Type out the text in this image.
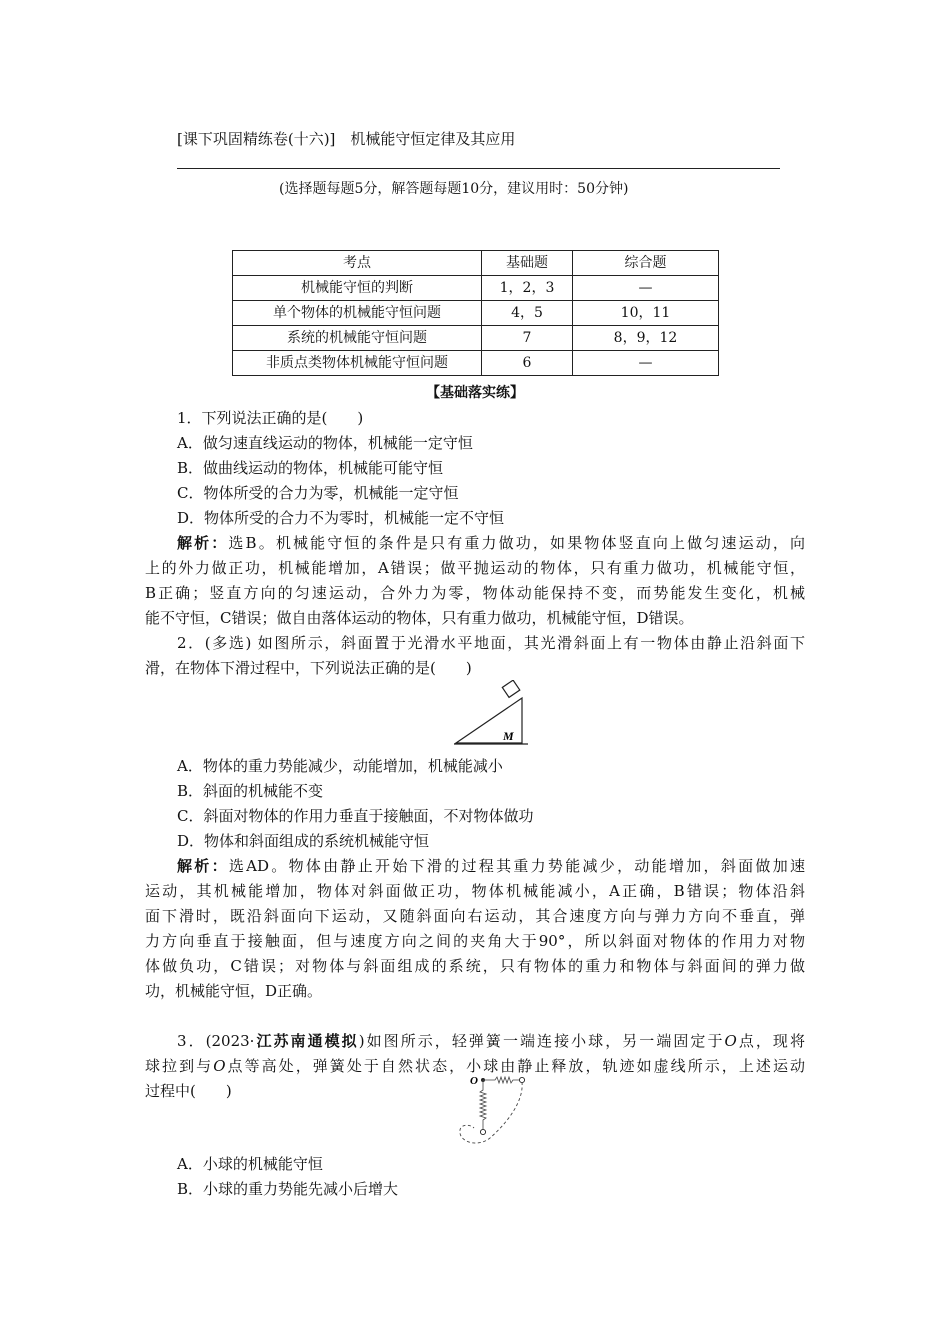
[课下巩固精练卷(十六)]　机械能守恒定律及其应用
(选择题每题5分，解答题每题10分，建议用时：50分钟)
考点	基础题	综合题
机械能守恒的判断	1，2，3	—
单个物体的机械能守恒问题	4，5	10，11
系统的机械能守恒问题	7	8，9，12
非质点类物体机械能守恒问题	6	—
【基础落实练】
1．下列说法正确的是(　　)
A．做匀速直线运动的物体，机械能一定守恒
B．做曲线运动的物体，机械能可能守恒
C．物体所受的合力为零，机械能一定守恒
D．物体所受的合力不为零时，机械能一定不守恒
解析：选B。机械能守恒的条件是只有重力做功，如果物体竖直向上做匀速运动，向
上的外力做正功，机械能增加，A错误；做平抛运动的物体，只有重力做功，机械能守恒，
B正确；竖直方向的匀速运动，合外力为零，物体动能保持不变，而势能发生变化，机械
能不守恒，C错误；做自由落体运动的物体，只有重力做功，机械能守恒，D错误。
2．(多选) 如图所示，斜面置于光滑水平地面，其光滑斜面上有一物体由静止沿斜面下
滑，在物体下滑过程中，下列说法正确的是(　　)
M
A．物体的重力势能减少，动能增加，机械能减小
B．斜面的机械能不变
C．斜面对物体的作用力垂直于接触面，不对物体做功
D．物体和斜面组成的系统机械能守恒
解析：选AD。物体由静止开始下滑的过程其重力势能减少，动能增加，斜面做加速
运动，其机械能增加，物体对斜面做正功，物体机械能减小，A正确，B错误；物体沿斜
面下滑时，既沿斜面向下运动，又随斜面向右运动，其合速度方向与弹力方向不垂直，弹
力方向垂直于接触面，但与速度方向之间的夹角大于90°，所以斜面对物体的作用力对物
体做负功，C错误；对物体与斜面组成的系统，只有物体的重力和物体与斜面间的弹力做
功，机械能守恒，D正确。
3．(2023·江苏南通模拟)如图所示，轻弹簧一端连接小球，另一端固定于O点，现将
球拉到与O点等高处，弹簧处于自然状态，小球由静止释放，轨迹如虚线所示，上述运动
过程中(　　)
O
A．小球的机械能守恒
B．小球的重力势能先减小后增大
